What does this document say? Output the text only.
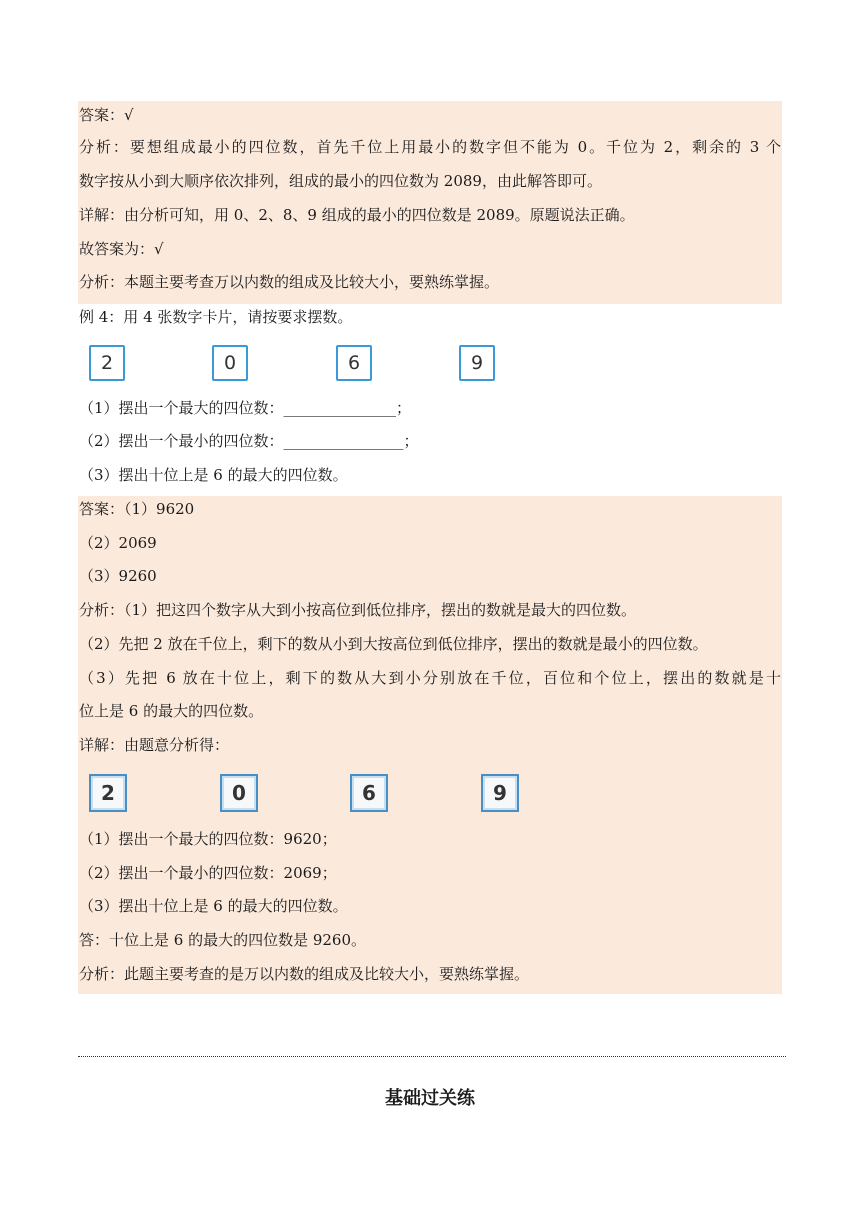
答案：√
分析：要想组成最小的四位数，首先千位上用最小的数字但不能为 0。千位为 2，剩余的 3 个
数字按从小到大顺序依次排列，组成的最小的四位数为 2089，由此解答即可。
详解：由分析可知，用 0、2、8、9 组成的最小的四位数是 2089。原题说法正确。
故答案为：√
分析：本题主要考查万以内数的组成及比较大小，要熟练掌握。
例 4：用 4 张数字卡片，请按要求摆数。
2	0	6	9
（1）摆出一个最大的四位数：_______________；
（2）摆出一个最小的四位数：________________；
（3）摆出十位上是 6 的最大的四位数。
答案：（1）9620
（2）2069
（3）9260
分析：（1）把这四个数字从大到小按高位到低位排序，摆出的数就是最大的四位数。
（2）先把 2 放在千位上，剩下的数从小到大按高位到低位排序，摆出的数就是最小的四位数。
（3）先把 6 放在十位上，剩下的数从大到小分别放在千位，百位和个位上，摆出的数就是十
位上是 6 的最大的四位数。
详解：由题意分析得：
2	0	6	9
（1）摆出一个最大的四位数：9620；
（2）摆出一个最小的四位数：2069；
（3）摆出十位上是 6 的最大的四位数。
答：十位上是 6 的最大的四位数是 9260。
分析：此题主要考查的是万以内数的组成及比较大小，要熟练掌握。
基础过关练
